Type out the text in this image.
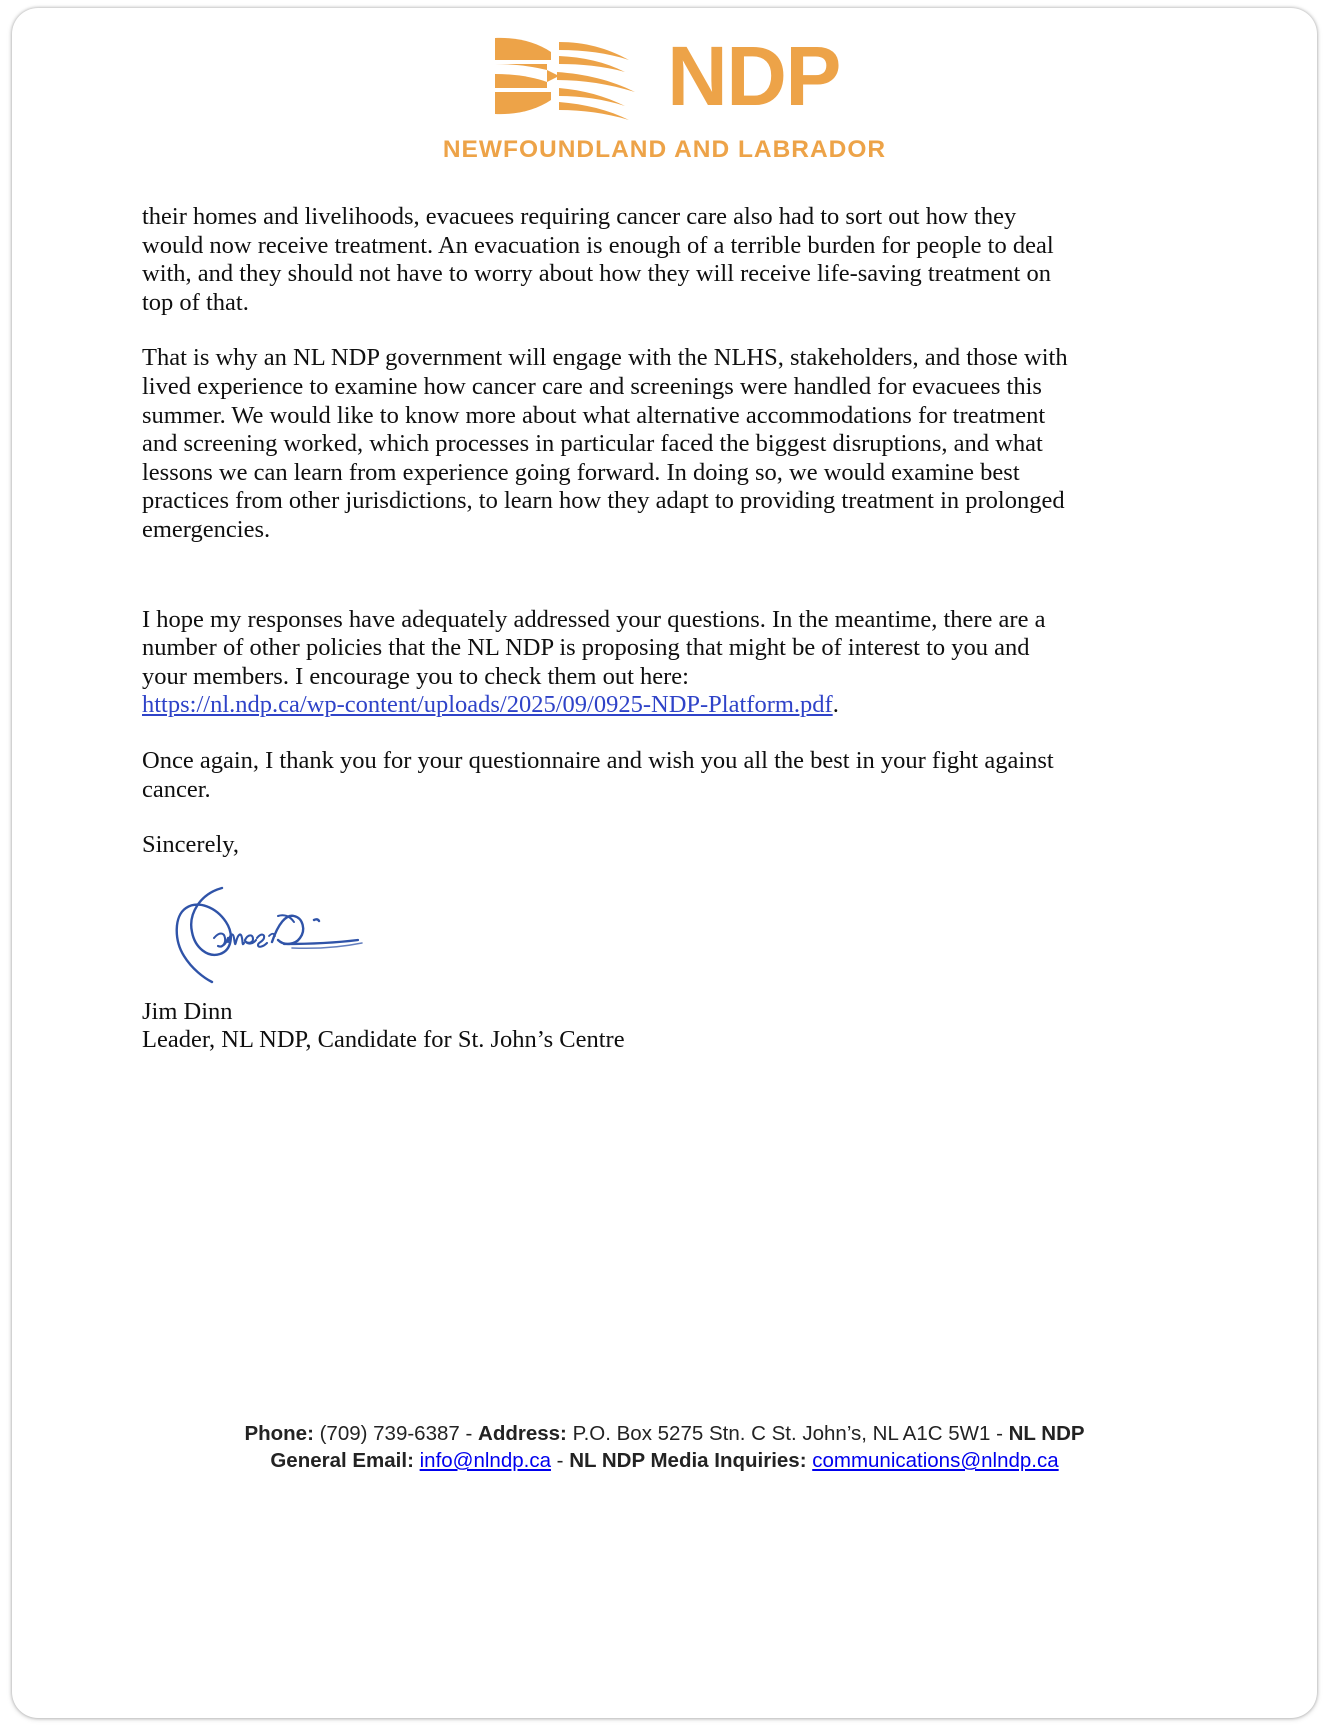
NDP
NEWFOUNDLAND AND LABRADOR

their homes and livelihoods, evacuees requiring cancer care also had to sort out how they would now receive treatment. An evacuation is enough of a terrible burden for people to deal with, and they should not have to worry about how they will receive life-saving treatment on top of that.

That is why an NL NDP government will engage with the NLHS, stakeholders, and those with lived experience to examine how cancer care and screenings were handled for evacuees this summer. We would like to know more about what alternative accommodations for treatment and screening worked, which processes in particular faced the biggest disruptions, and what lessons we can learn from experience going forward. In doing so, we would examine best practices from other jurisdictions, to learn how they adapt to providing treatment in prolonged emergencies.

I hope my responses have adequately addressed your questions. In the meantime, there are a number of other policies that the NL NDP is proposing that might be of interest to you and your members. I encourage you to check them out here:
https://nl.ndp.ca/wp-content/uploads/2025/09/0925-NDP-Platform.pdf.

Once again, I thank you for your questionnaire and wish you all the best in your fight against cancer.

Sincerely,

Jim Dinn
Leader, NL NDP, Candidate for St. John’s Centre
Phone: (709) 739-6387 - Address: P.O. Box 5275 Stn. C St. John’s, NL A1C 5W1 - NL NDP
General Email: info@nlndp.ca - NL NDP Media Inquiries: communications@nlndp.ca
